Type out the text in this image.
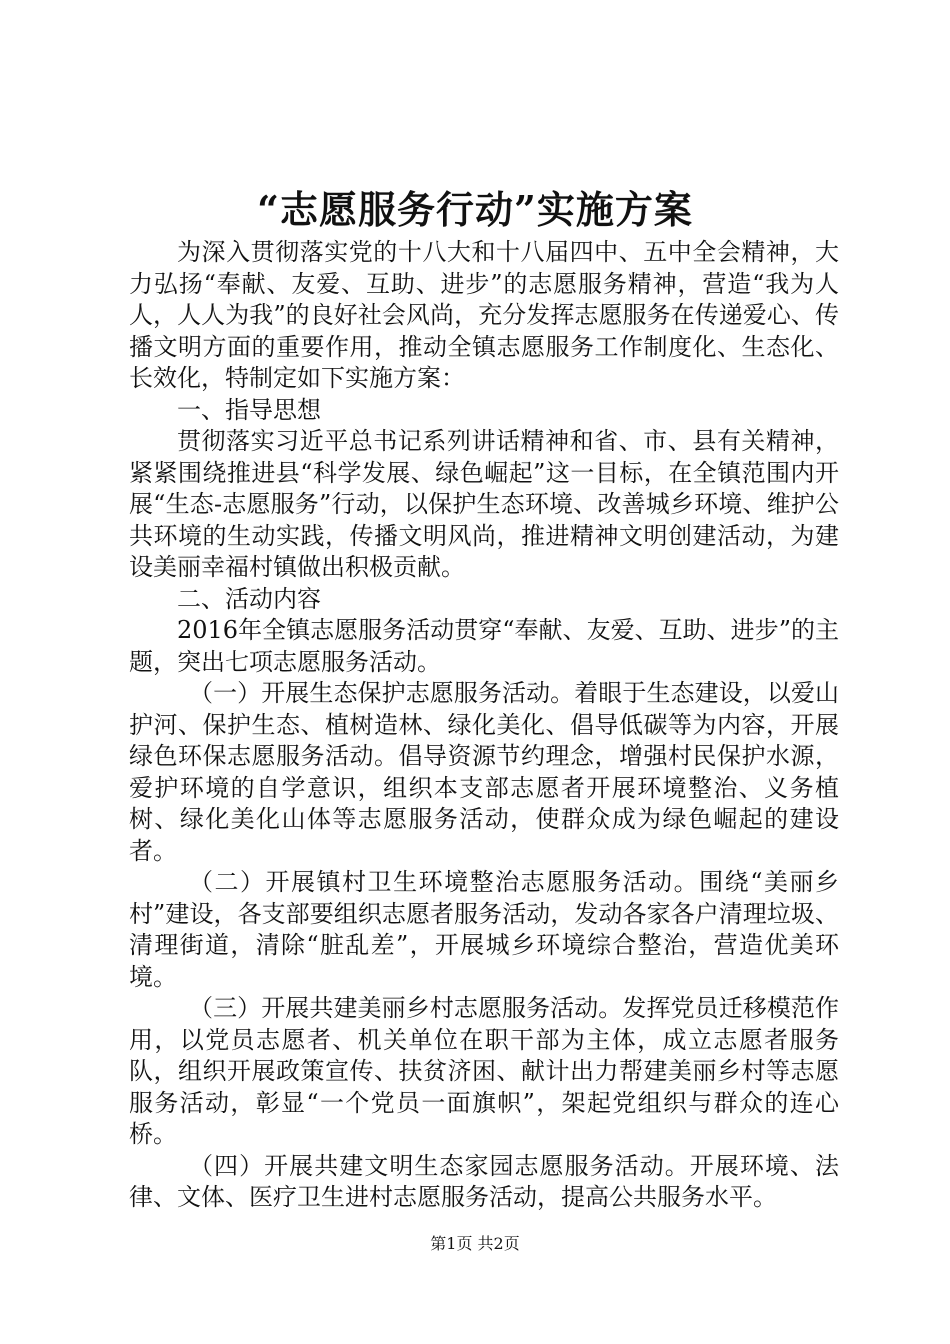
“志愿服务行动”实施方案

为深入贯彻落实党的十八大和十八届四中、五中全会精神，大力弘扬“奉献、友爱、互助、进步”的志愿服务精神，营造“我为人人，人人为我”的良好社会风尚，充分发挥志愿服务在传递爱心、传播文明方面的重要作用，推动全镇志愿服务工作制度化、生态化、长效化，特制定如下实施方案：

一、指导思想

贯彻落实习近平总书记系列讲话精神和省、市、县有关精神，紧紧围绕推进县“科学发展、绿色崛起”这一目标，在全镇范围内开展“生态-志愿服务”行动，以保护生态环境、改善城乡环境、维护公共环境的生动实践，传播文明风尚，推进精神文明创建活动，为建设美丽幸福村镇做出积极贡献。

二、活动内容

2016年全镇志愿服务活动贯穿“奉献、友爱、互助、进步”的主题，突出七项志愿服务活动。

（一）开展生态保护志愿服务活动。着眼于生态建设，以爱山护河、保护生态、植树造林、绿化美化、倡导低碳等为内容，开展绿色环保志愿服务活动。倡导资源节约理念，增强村民保护水源，爱护环境的自学意识，组织本支部志愿者开展环境整治、义务植树、绿化美化山体等志愿服务活动，使群众成为绿色崛起的建设者。

（二）开展镇村卫生环境整治志愿服务活动。围绕“美丽乡村”建设，各支部要组织志愿者服务活动，发动各家各户清理垃圾、清理街道，清除“脏乱差”，开展城乡环境综合整治，营造优美环境。

（三）开展共建美丽乡村志愿服务活动。发挥党员迁移模范作用，以党员志愿者、机关单位在职干部为主体，成立志愿者服务队，组织开展政策宣传、扶贫济困、献计出力帮建美丽乡村等志愿服务活动，彰显“一个党员一面旗帜”，架起党组织与群众的连心桥。

（四）开展共建文明生态家园志愿服务活动。开展环境、法律、文体、医疗卫生进村志愿服务活动，提高公共服务水平。

第1页 共2页
